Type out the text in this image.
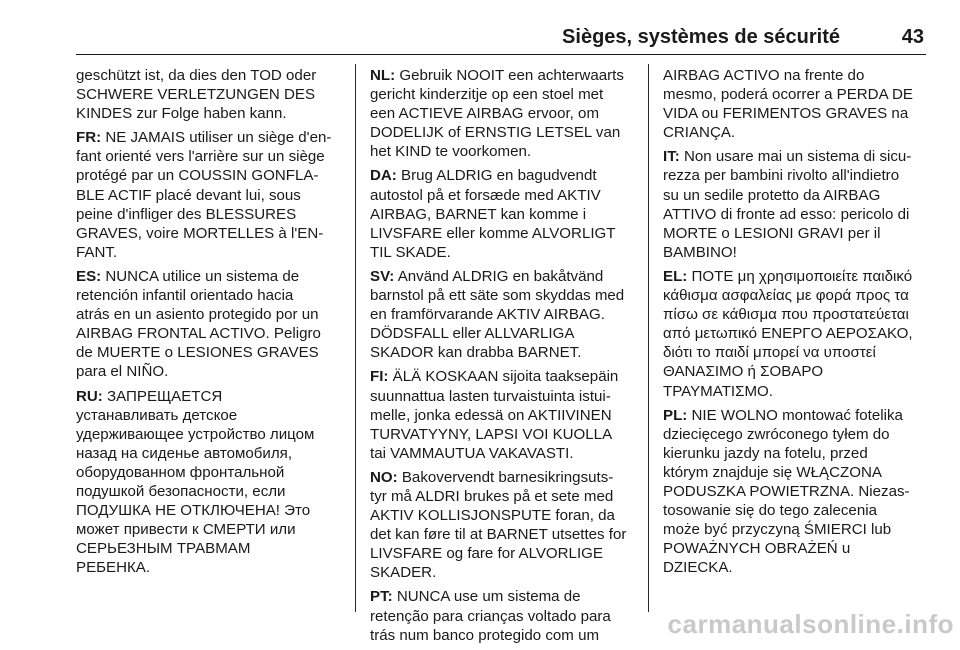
Sièges, systèmes de sécurité	43
geschützt ist, da dies den TOD oder
SCHWERE VERLETZUNGEN DES
KINDES zur Folge haben kann.
FR: NE JAMAIS utiliser un siège d'en-
fant orienté vers l'arrière sur un siège
protégé par un COUSSIN GONFLA‐
BLE ACTIF placé devant lui, sous
peine d'infliger des BLESSURES
GRAVES, voire MORTELLES à l'EN‐
FANT.
ES: NUNCA utilice un sistema de
retención infantil orientado hacia
atrás en un asiento protegido por un
AIRBAG FRONTAL ACTIVO. Peligro
de MUERTE o LESIONES GRAVES
para el NIÑO.
RU: ЗАПРЕЩАЕТСЯ
устанавливать детское
удерживающее устройство лицом
назад на сиденье автомобиля,
оборудованном фронтальной
подушкой безопасности, если
ПОДУШКА НЕ ОТКЛЮЧЕНА! Это
может привести к СМЕРТИ или
СЕРЬЕЗНЫМ ТРАВМАМ
РЕБЕНКА.
NL: Gebruik NOOIT een achterwaarts
gericht kinderzitje op een stoel met
een ACTIEVE AIRBAG ervoor, om
DODELIJK of ERNSTIG LETSEL van
het KIND te voorkomen.
DA: Brug ALDRIG en bagudvendt
autostol på et forsæde med AKTIV
AIRBAG, BARNET kan komme i
LIVSFARE eller komme ALVORLIGT
TIL SKADE.
SV: Använd ALDRIG en bakåtvänd
barnstol på ett säte som skyddas med
en framförvarande AKTIV AIRBAG.
DÖDSFALL eller ALLVARLIGA
SKADOR kan drabba BARNET.
FI: ÄLÄ KOSKAAN sijoita taaksepäin
suunnattua lasten turvaistuinta istui‐
melle, jonka edessä on AKTIIVINEN
TURVATYYNY, LAPSI VOI KUOLLA
tai VAMMAUTUA VAKAVASTI.
NO: Bakovervendt barnesikringsuts‐
tyr må ALDRI brukes på et sete med
AKTIV KOLLISJONSPUTE foran, da
det kan føre til at BARNET utsettes for
LIVSFARE og fare for ALVORLIGE
SKADER.
PT: NUNCA use um sistema de
retenção para crianças voltado para
trás num banco protegido com um
AIRBAG ACTIVO na frente do
mesmo, poderá ocorrer a PERDA DE
VIDA ou FERIMENTOS GRAVES na
CRIANÇA.
IT: Non usare mai un sistema di sicu‐
rezza per bambini rivolto all'indietro
su un sedile protetto da AIRBAG
ATTIVO di fronte ad esso: pericolo di
MORTE o LESIONI GRAVI per il
BAMBINO!
EL: ΠΟΤΕ μη χρησιμοποιείτε παιδικό
κάθισμα ασφαλείας με φορά προς τα
πίσω σε κάθισμα που προστατεύεται
από μετωπικό ΕΝΕΡΓΟ ΑΕΡΟΣΑΚΟ,
διότι το παιδί μπορεί να υποστεί
ΘΑΝΑΣΙΜΟ ή ΣΟΒΑΡΟ
ΤΡΑΥΜΑΤΙΣΜΟ.
PL: NIE WOLNO montować fotelika
dziecięcego zwróconego tyłem do
kierunku jazdy na fotelu, przed
którym znajduje się WŁĄCZONA
PODUSZKA POWIETRZNA. Niezas‐
tosowanie się do tego zalecenia
może być przyczyną ŚMIERCI lub
POWAŻNYCH OBRAŻEŃ u
DZIECKA.
carmanualsonline.info
